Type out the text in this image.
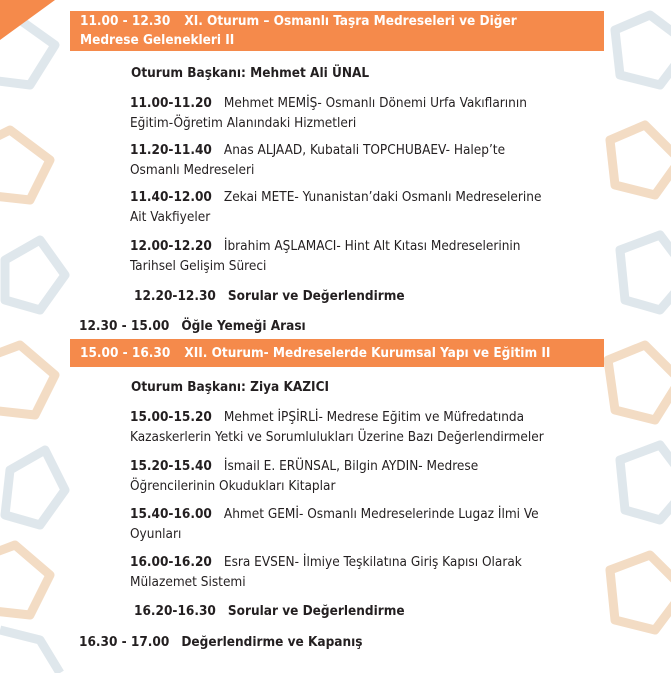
11.00 - 12.30 XI. Oturum – Osmanlı Taşra Medreseleri ve Diğer
Medrese Gelenekleri II
Oturum Başkanı: Mehmet Ali ÜNAL
11.00-11.20 Mehmet MEMİŞ- Osmanlı Dönemi Urfa Vakıflarının
Eğitim-Öğretim Alanındaki Hizmetleri
11.20-11.40 Anas ALJAAD, Kubatali TOPCHUBAEV- Halep’te
Osmanlı Medreseleri
11.40-12.00 Zekai METE- Yunanistan’daki Osmanlı Medreselerine
Ait Vakfiyeler
12.00-12.20 İbrahim AŞLAMACI- Hint Alt Kıtası Medreselerinin
Tarihsel Gelişim Süreci
12.20-12.30 Sorular ve Değerlendirme
12.30 - 15.00 Öğle Yemeği Arası
15.00 - 16.30 XII. Oturum- Medreselerde Kurumsal Yapı ve Eğitim II
Oturum Başkanı: Ziya KAZICI
15.00-15.20 Mehmet İPŞİRLİ- Medrese Eğitim ve Müfredatında
Kazaskerlerin Yetki ve Sorumlulukları Üzerine Bazı Değerlendirmeler
15.20-15.40 İsmail E. ERÜNSAL, Bilgin AYDIN- Medrese
Öğrencilerinin Okudukları Kitaplar
15.40-16.00 Ahmet GEMİ- Osmanlı Medreselerinde Lugaz İlmi Ve
Oyunları
16.00-16.20 Esra EVSEN- İlmiye Teşkilatına Giriş Kapısı Olarak
Mülazemet Sistemi
16.20-16.30 Sorular ve Değerlendirme
16.30 - 17.00 Değerlendirme ve Kapanış
